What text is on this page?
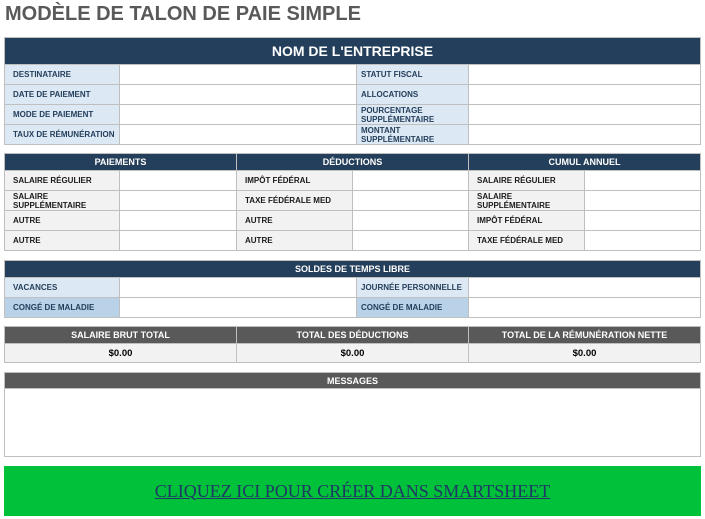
MODÈLE DE TALON DE PAIE SIMPLE
NOM DE L'ENTREPRISE
DESTINATAIRE	STATUT FISCAL
DATE DE PAIEMENT	ALLOCATIONS
MODE DE PAIEMENT	POURCENTAGE SUPPLÉMENTAIRE
TAUX DE RÉMUNÉRATION	MONTANT SUPPLÉMENTAIRE
PAIEMENTS	DÉDUCTIONS	CUMUL ANNUEL
SALAIRE RÉGULIER	IMPÔT FÉDÉRAL	SALAIRE RÉGULIER
SALAIRE SUPPLÉMENTAIRE	TAXE FÉDÉRALE MED	SALAIRE SUPPLÉMENTAIRE
AUTRE	AUTRE	IMPÔT FÉDÉRAL
AUTRE	AUTRE	TAXE FÉDÉRALE MED
SOLDES DE TEMPS LIBRE
VACANCES	JOURNÉE PERSONNELLE
CONGÉ DE MALADIE	CONGÉ DE MALADIE
SALAIRE BRUT TOTAL	TOTAL DES DÉDUCTIONS	TOTAL DE LA RÉMUNÉRATION NETTE
$0.00	$0.00	$0.00
MESSAGES
CLIQUEZ ICI POUR CRÉER DANS SMARTSHEET
